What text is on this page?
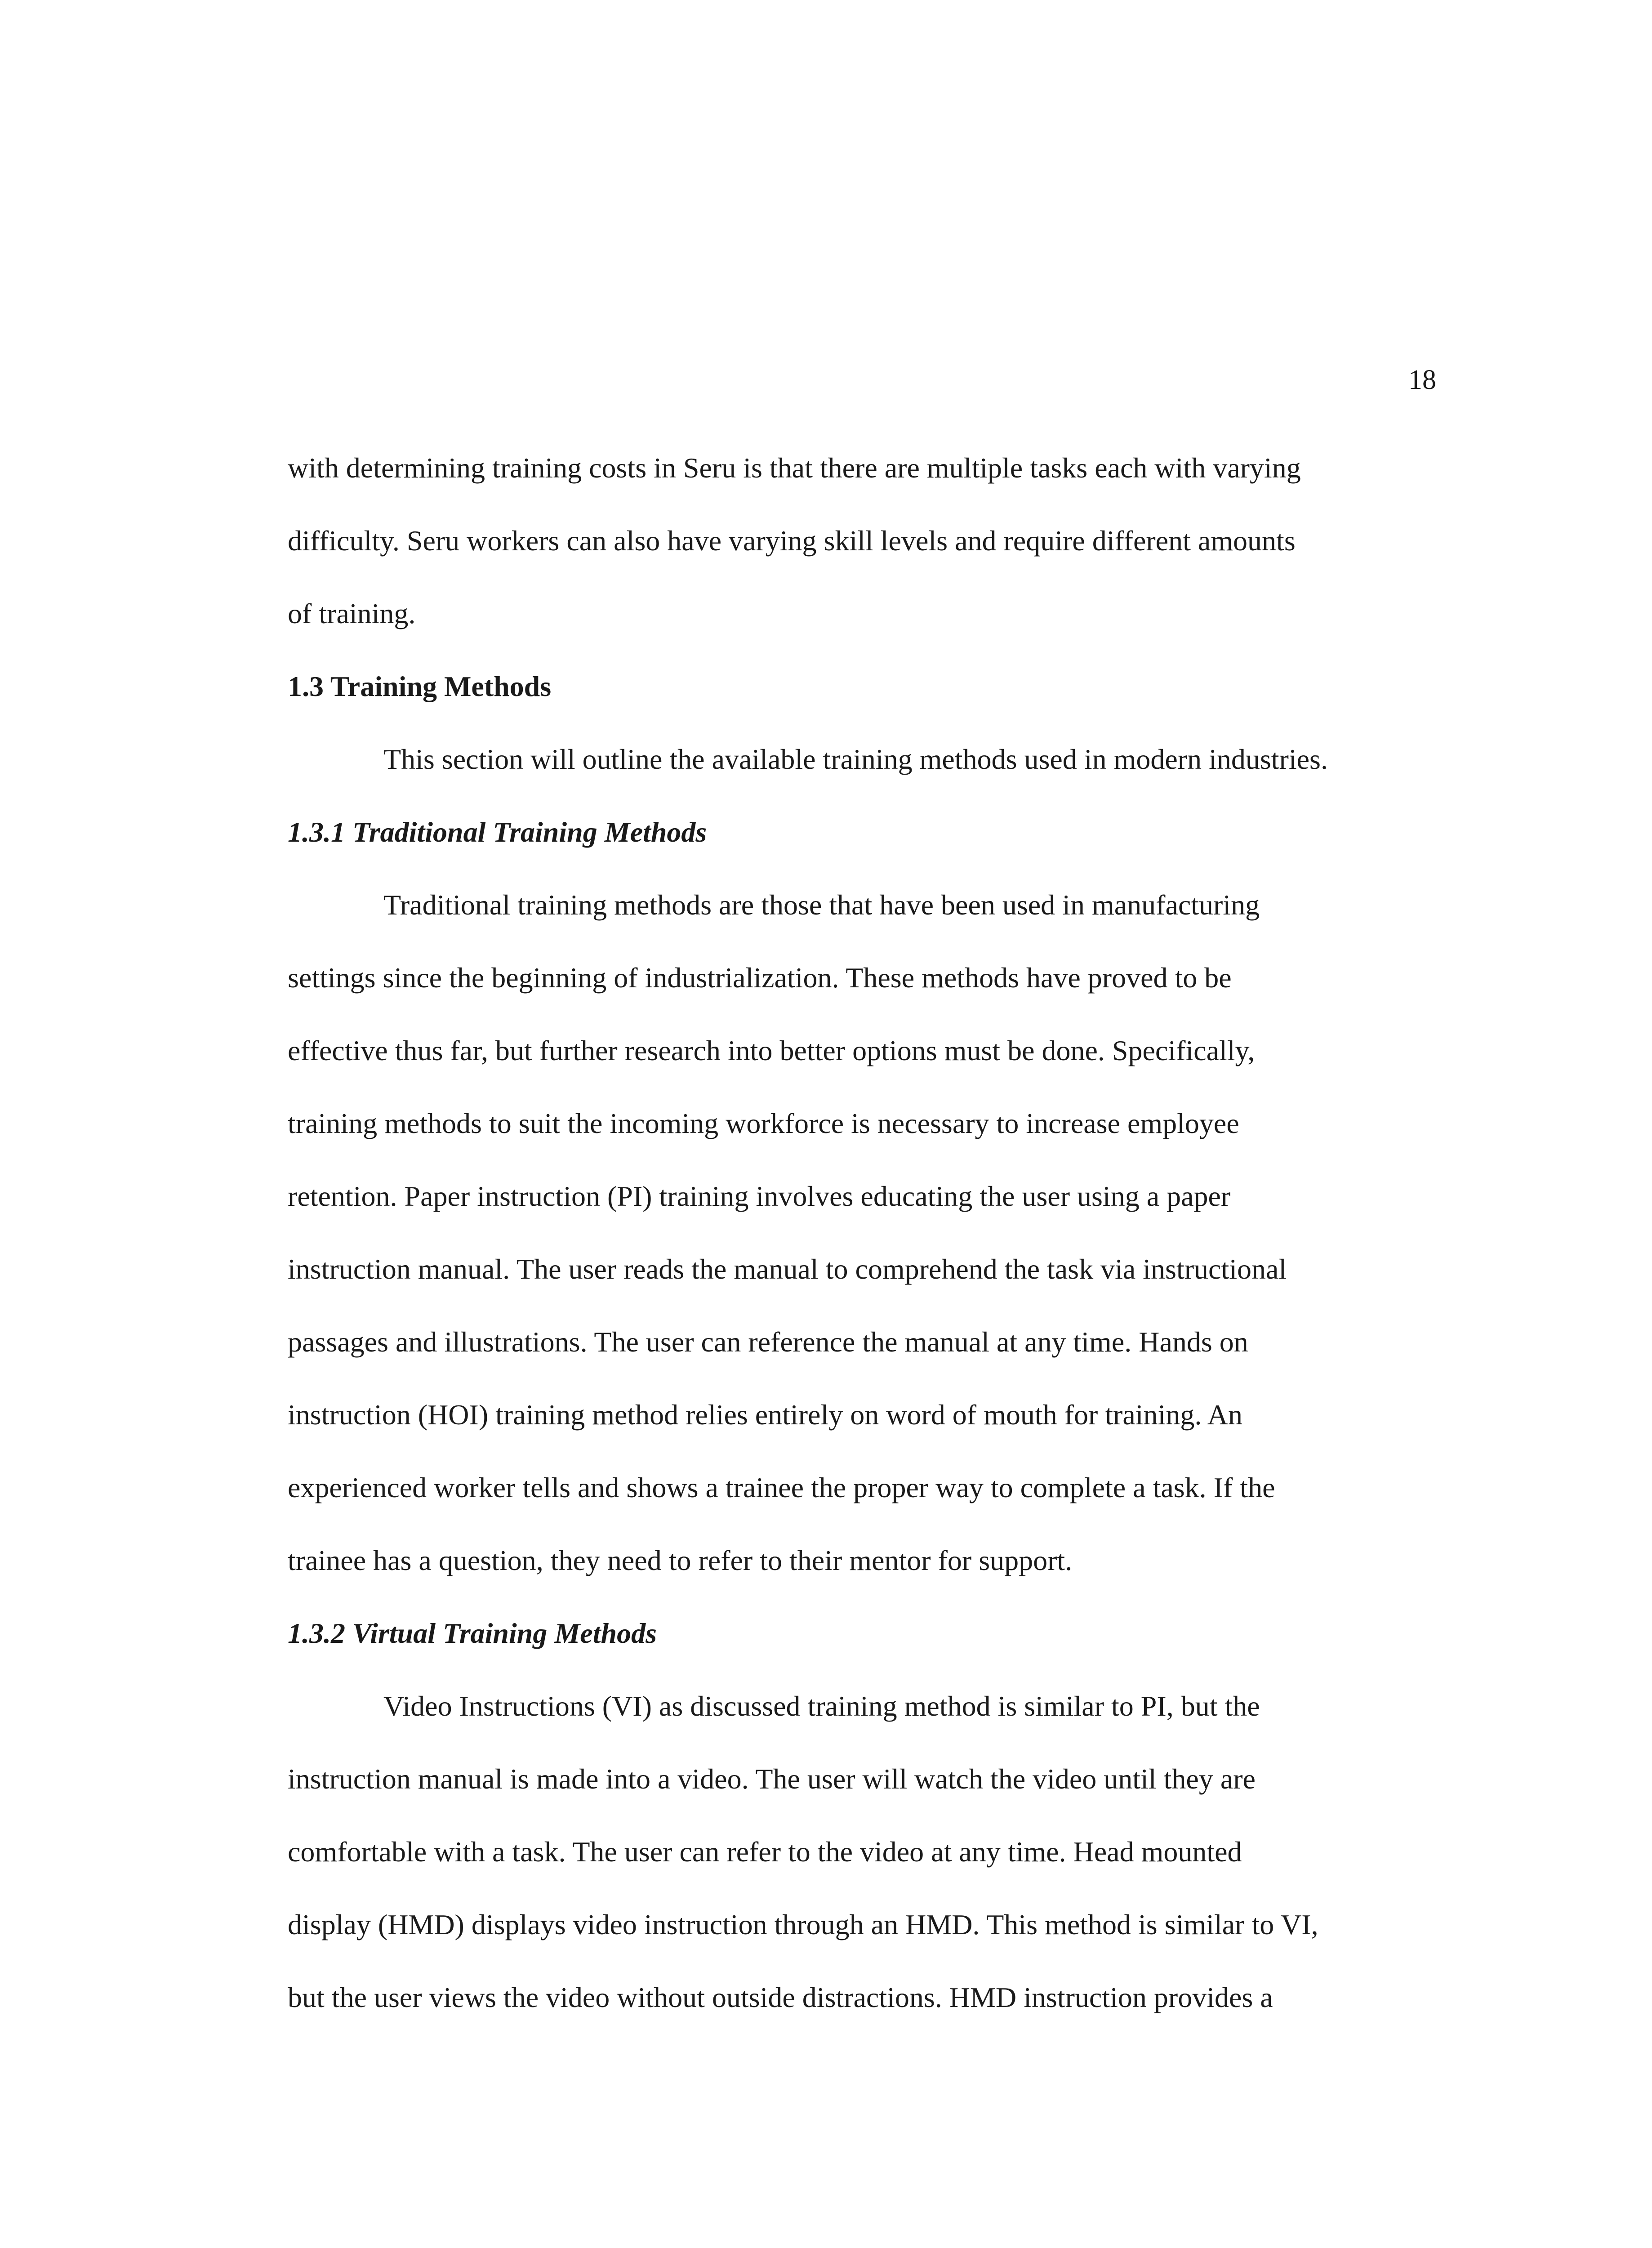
18
with determining training costs in Seru is that there are multiple tasks each with varying
difficulty. Seru workers can also have varying skill levels and require different amounts
of training.
1.3 Training Methods
This section will outline the available training methods used in modern industries.
1.3.1 Traditional Training Methods
Traditional training methods are those that have been used in manufacturing
settings since the beginning of industrialization. These methods have proved to be
effective thus far, but further research into better options must be done. Specifically,
training methods to suit the incoming workforce is necessary to increase employee
retention. Paper instruction (PI) training involves educating the user using a paper
instruction manual. The user reads the manual to comprehend the task via instructional
passages and illustrations. The user can reference the manual at any time. Hands on
instruction (HOI) training method relies entirely on word of mouth for training. An
experienced worker tells and shows a trainee the proper way to complete a task. If the
trainee has a question, they need to refer to their mentor for support.
1.3.2 Virtual Training Methods
Video Instructions (VI) as discussed training method is similar to PI, but the
instruction manual is made into a video. The user will watch the video until they are
comfortable with a task. The user can refer to the video at any time. Head mounted
display (HMD) displays video instruction through an HMD. This method is similar to VI,
but the user views the video without outside distractions. HMD instruction provides a
